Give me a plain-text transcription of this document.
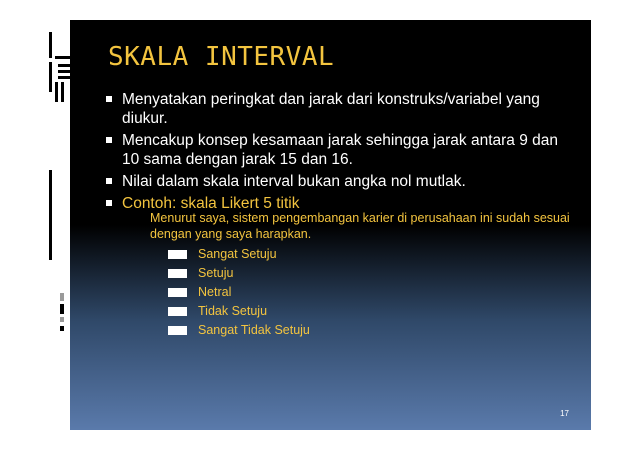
SKALA INTERVAL
Menyatakan peringkat dan jarak dari konstruks/variabel yang diukur.
Mencakup konsep kesamaan jarak sehingga jarak antara 9 dan 10 sama dengan jarak 15 dan 16.
Nilai dalam skala interval bukan angka nol mutlak.
Contoh: skala Likert 5 titik
Menurut saya, sistem pengembangan karier di perusahaan ini sudah sesuai dengan yang saya harapkan.
Sangat Setuju
Setuju
Netral
Tidak Setuju
Sangat Tidak Setuju
17
